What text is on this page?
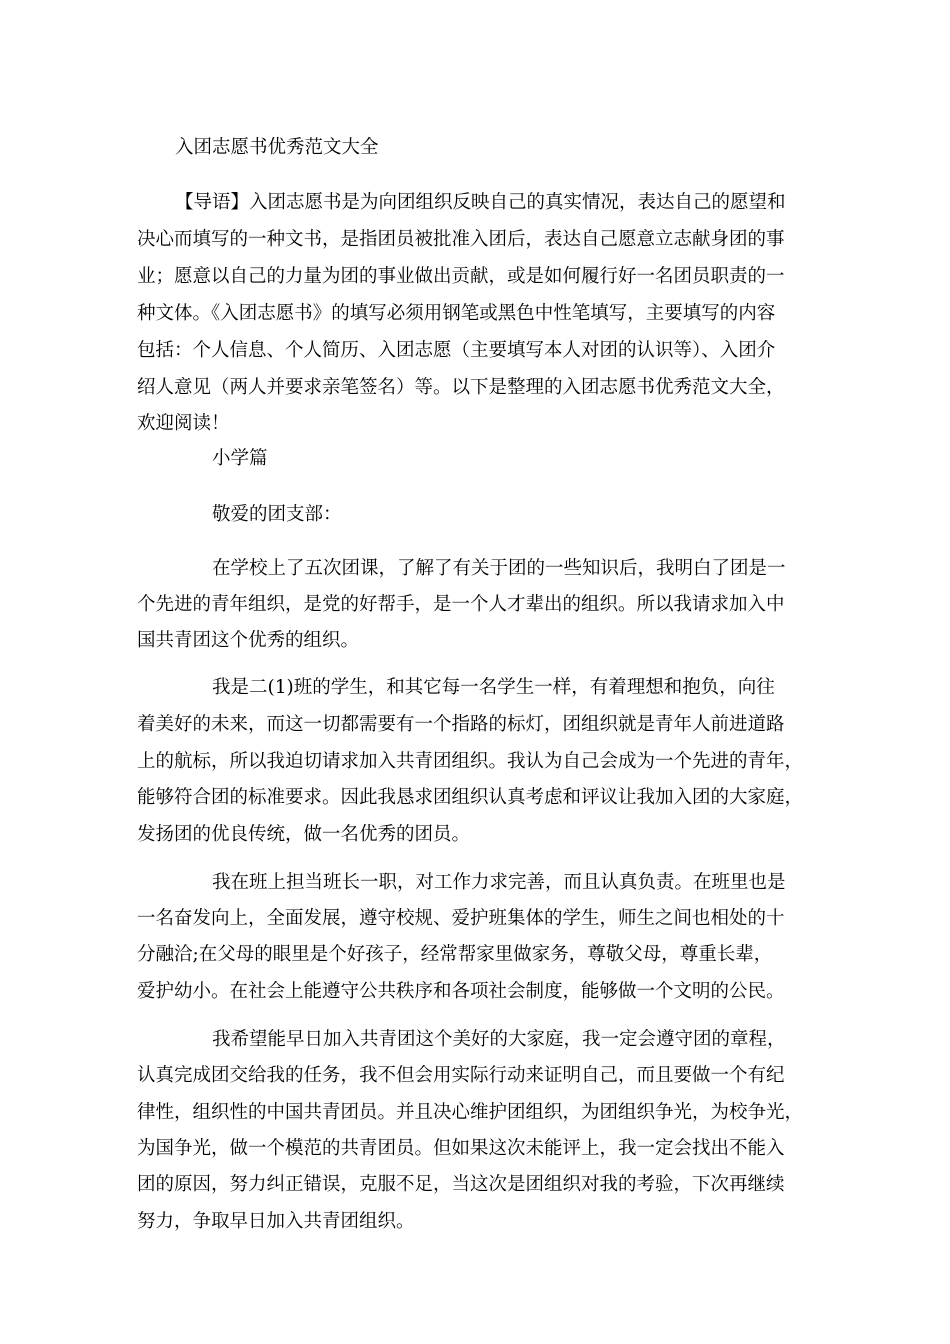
入团志愿书优秀范文大全
【导语】入团志愿书是为向团组织反映自己的真实情况，表达自己的愿望和
决心而填写的一种文书，是指团员被批准入团后，表达自己愿意立志献身团的事
业；愿意以自己的力量为团的事业做出贡献，或是如何履行好一名团员职责的一
种文体。《入团志愿书》的填写必须用钢笔或黑色中性笔填写，主要填写的内容
包括：个人信息、个人简历、入团志愿（主要填写本人对团的认识等）、入团介
绍人意见（两人并要求亲笔签名）等。以下是整理的入团志愿书优秀范文大全，
欢迎阅读！
小学篇
敬爱的团支部：
在学校上了五次团课，了解了有关于团的一些知识后，我明白了团是一
个先进的青年组织，是党的好帮手，是一个人才辈出的组织。所以我请求加入中
国共青团这个优秀的组织。
我是二(1)班的学生，和其它每一名学生一样，有着理想和抱负，向往
着美好的未来，而这一切都需要有一个指路的标灯，团组织就是青年人前进道路
上的航标，所以我迫切请求加入共青团组织。我认为自己会成为一个先进的青年，
能够符合团的标准要求。因此我恳求团组织认真考虑和评议让我加入团的大家庭，
发扬团的优良传统，做一名优秀的团员。
我在班上担当班长一职，对工作力求完善，而且认真负责。在班里也是
一名奋发向上，全面发展，遵守校规、爱护班集体的学生，师生之间也相处的十
分融洽;在父母的眼里是个好孩子，经常帮家里做家务，尊敬父母，尊重长辈，
爱护幼小。在社会上能遵守公共秩序和各项社会制度，能够做一个文明的公民。
我希望能早日加入共青团这个美好的大家庭，我一定会遵守团的章程，
认真完成团交给我的任务，我不但会用实际行动来证明自己，而且要做一个有纪
律性，组织性的中国共青团员。并且决心维护团组织，为团组织争光，为校争光，
为国争光，做一个模范的共青团员。但如果这次未能评上，我一定会找出不能入
团的原因，努力纠正错误，克服不足，当这次是团组织对我的考验，下次再继续
努力，争取早日加入共青团组织。
